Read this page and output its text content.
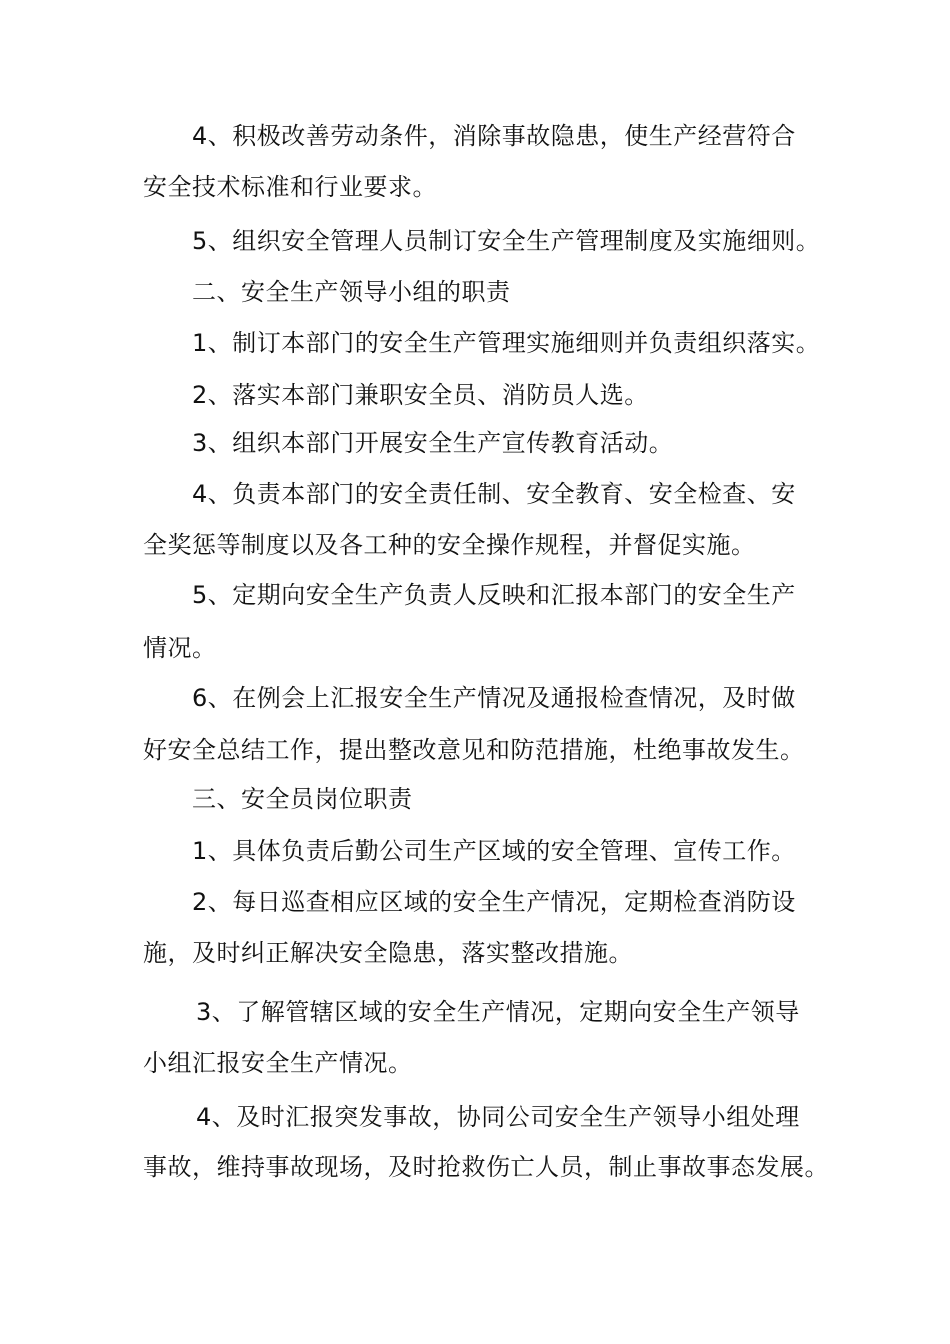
4、积极改善劳动条件，消除事故隐患，使生产经营符合
安全技术标准和行业要求。
5、组织安全管理人员制订安全生产管理制度及实施细则。
二、安全生产领导小组的职责
1、制订本部门的安全生产管理实施细则并负责组织落实。
2、落实本部门兼职安全员、消防员人选。
3、组织本部门开展安全生产宣传教育活动。
4、负责本部门的安全责任制、安全教育、安全检查、安
全奖惩等制度以及各工种的安全操作规程，并督促实施。
5、定期向安全生产负责人反映和汇报本部门的安全生产
情况。
6、在例会上汇报安全生产情况及通报检查情况，及时做
好安全总结工作，提出整改意见和防范措施，杜绝事故发生。
三、安全员岗位职责
1、具体负责后勤公司生产区域的安全管理、宣传工作。
2、每日巡查相应区域的安全生产情况，定期检查消防设
施，及时纠正解决安全隐患，落实整改措施。
3、了解管辖区域的安全生产情况，定期向安全生产领导
小组汇报安全生产情况。
4、及时汇报突发事故，协同公司安全生产领导小组处理
事故，维持事故现场，及时抢救伤亡人员，制止事故事态发展。
